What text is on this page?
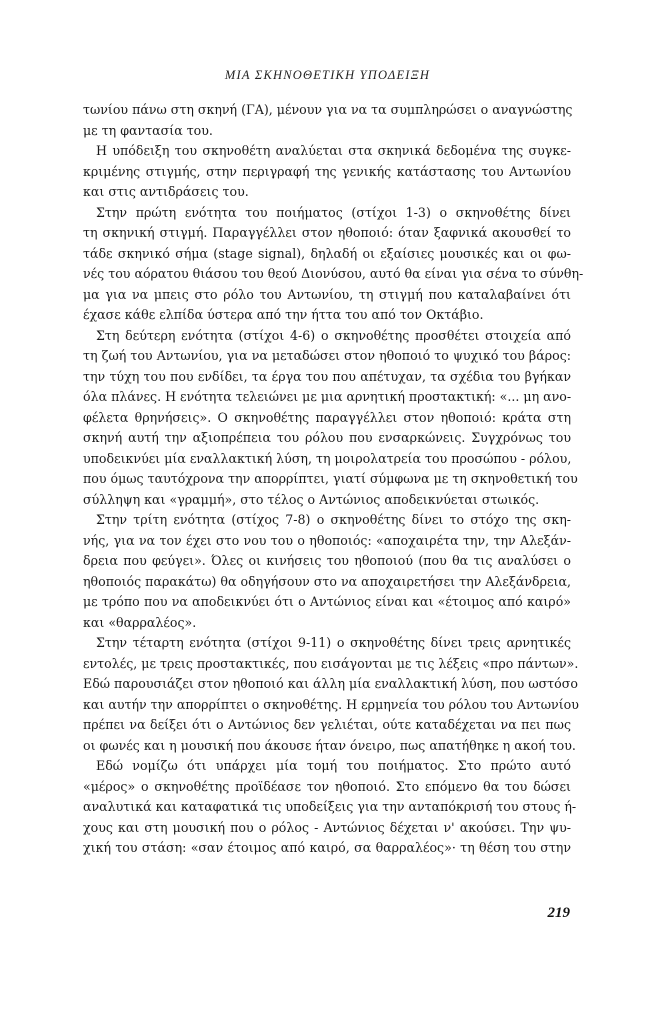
ΜΙΑ ΣΚΗΝΟΘΕΤΙΚΗ ΥΠΟΔΕΙΞΗ
τωνίου πάνω στη σκηνή (ΓΑ), μένουν για να τα συμπληρώσει ο αναγνώστης
με τη φαντασία του.
Η υπόδειξη του σκηνοθέτη αναλύεται στα σκηνικά δεδομένα της συγκε-
κριμένης στιγμής, στην περιγραφή της γενικής κατάστασης του Αντωνίου
και στις αντιδράσεις του.
Στην πρώτη ενότητα του ποιήματος (στίχοι 1-3) ο σκηνοθέτης δίνει
τη σκηνική στιγμή. Παραγγέλλει στον ηθοποιό: όταν ξαφνικά ακουσθεί το
τάδε σκηνικό σήμα (stage signal), δηλαδή οι εξαίσιες μουσικές και οι φω-
νές του αόρατου θιάσου του θεού Διονύσου, αυτό θα είναι για σένα το σύνθη-
μα για να μπεις στο ρόλο του Αντωνίου, τη στιγμή που καταλαβαίνει ότι
έχασε κάθε ελπίδα ύστερα από την ήττα του από τον Οκτάβιο.
Στη δεύτερη ενότητα (στίχοι 4-6) ο σκηνοθέτης προσθέτει στοιχεία από
τη ζωή του Αντωνίου, για να μεταδώσει στον ηθοποιό το ψυχικό του βάρος:
την τύχη του που ενδίδει, τα έργα του που απέτυχαν, τα σχέδια του βγήκαν
όλα πλάνες. Η ενότητα τελειώνει με μια αρνητική προστακτική: «... μη ανο-
φέλετα θρηνήσεις». Ο σκηνοθέτης παραγγέλλει στον ηθοποιό: κράτα στη
σκηνή αυτή την αξιοπρέπεια του ρόλου που ενσαρκώνεις. Συγχρόνως του
υποδεικνύει μία εναλλακτική λύση, τη μοιρολατρεία του προσώπου - ρόλου,
που όμως ταυτόχρονα την απορρίπτει, γιατί σύμφωνα με τη σκηνοθετική του
σύλληψη και «γραμμή», στο τέλος ο Αντώνιος αποδεικνύεται στωικός.
Στην τρίτη ενότητα (στίχος 7-8) ο σκηνοθέτης δίνει το στόχο της σκη-
νής, για να τον έχει στο νου του ο ηθοποιός: «αποχαιρέτα την, την Αλεξάν-
δρεια που φεύγει». Όλες οι κινήσεις του ηθοποιού (που θα τις αναλύσει ο
ηθοποιός παρακάτω) θα οδηγήσουν στο να αποχαιρετήσει την Αλεξάνδρεια,
με τρόπο που να αποδεικνύει ότι ο Αντώνιος είναι και «έτοιμος από καιρό»
και «θαρραλέος».
Στην τέταρτη ενότητα (στίχοι 9-11) ο σκηνοθέτης δίνει τρεις αρνητικές
εντολές, με τρεις προστακτικές, που εισάγονται με τις λέξεις «προ πάντων».
Εδώ παρουσιάζει στον ηθοποιό και άλλη μία εναλλακτική λύση, που ωστόσο
και αυτήν την απορρίπτει ο σκηνοθέτης. Η ερμηνεία του ρόλου του Αντωνίου
πρέπει να δείξει ότι ο Αντώνιος δεν γελιέται, ούτε καταδέχεται να πει πως
οι φωνές και η μουσική που άκουσε ήταν όνειρο, πως απατήθηκε η ακοή του.
Εδώ νομίζω ότι υπάρχει μία τομή του ποιήματος. Στο πρώτο αυτό
«μέρος» ο σκηνοθέτης προϊδέασε τον ηθοποιό. Στο επόμενο θα του δώσει
αναλυτικά και καταφατικά τις υποδείξεις για την ανταπόκρισή του στους ή-
χους και στη μουσική που ο ρόλος - Αντώνιος δέχεται ν' ακούσει. Την ψυ-
χική του στάση: «σαν έτοιμος από καιρό, σα θαρραλέος»· τη θέση του στην
219
